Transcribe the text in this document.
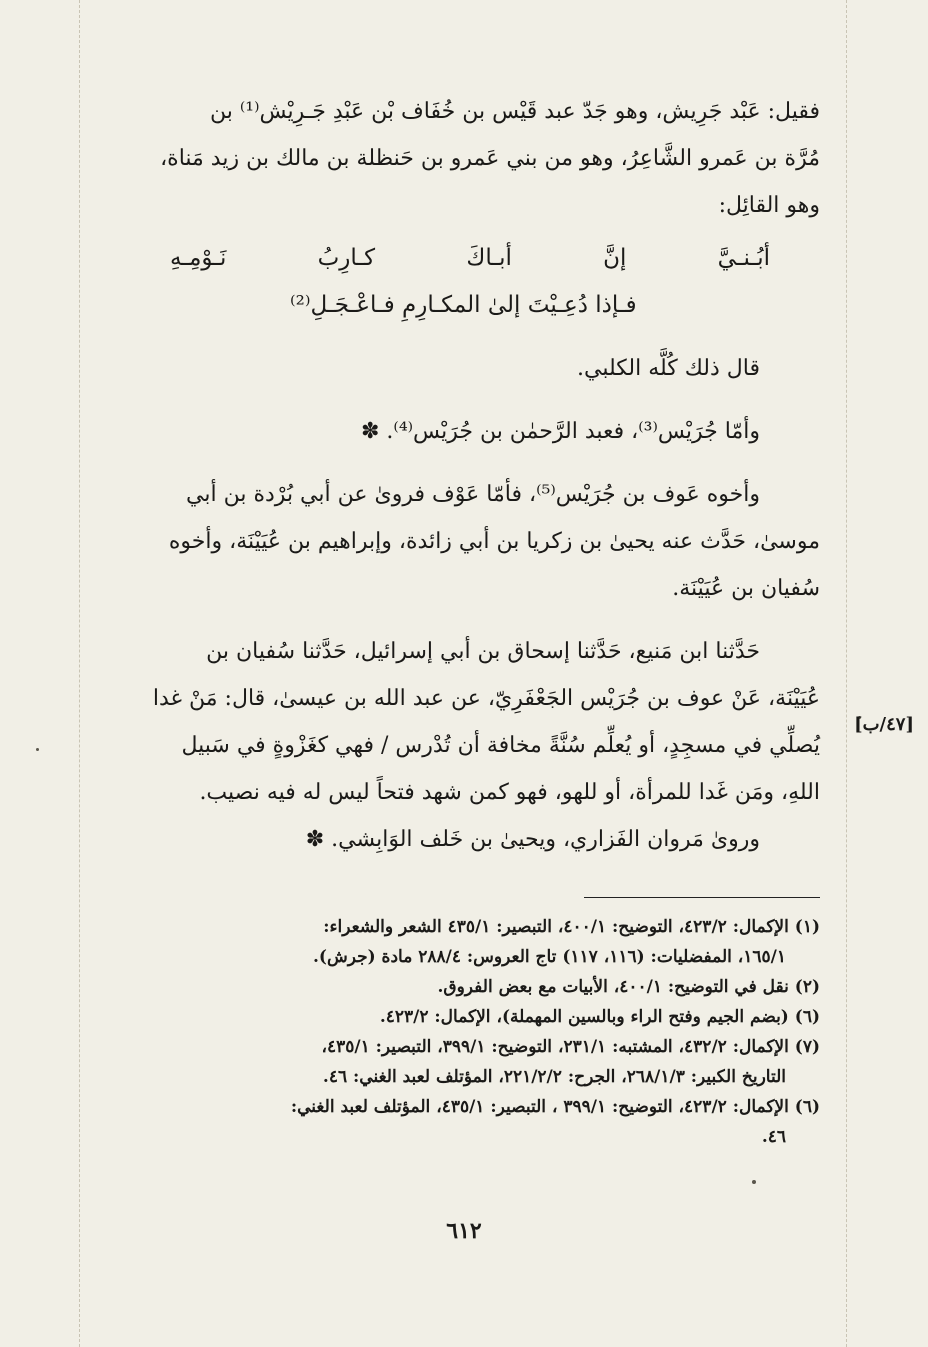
فقيل: عَبْد جَرِيش، وهو جَدّ عبد قَيْس بن خُفَاف بْن عَبْدِ جَـرِيْش⁽¹⁾ بن

مُرَّة بن عَمرو الشَّاعِرُ، وهو من بني عَمرو بن حَنظلة بن مالك بن زيد مَناة،

وهو القائِل:

أبُـنـيَّ
إنَّ
أبـاكَ
كـارِبُ
نَـوْمِـهِ

فـإذا دُعِـيْتَ إلىٰ المكـارِمِ فـاعْـجَـلِ⁽²⁾

قال ذلك كُلَّه الكلبي.

وأمّا جُرَيْس⁽³⁾، فعبد الرَّحمٰن بن جُرَيْس⁽⁴⁾. ✽

وأخوه عَوف بن جُرَيْس⁽⁵⁾، فأمّا عَوْف فروىٰ عن أبي بُرْدة بن أبي

موسىٰ، حَدَّث عنه يحيىٰ بن زكريا بن أبي زائدة، وإبراهيم بن عُيَيْنَة، وأخوه

سُفيان بن عُيَيْنَة.

حَدَّثنا ابن مَنيع، حَدَّثنا إسحاق بن أبي إسرائيل، حَدَّثنا سُفيان بن

عُيَيْنَة، عَنْ عوف بن جُرَيْس الجَعْفَرِيّ، عن عبد الله بن عيسىٰ، قال: مَنْ غدا

يُصلِّي في مسجِدٍ، أو يُعلِّم سُنَّةً مخافة أن تُدْرس / فهي كغَزْوةٍ في سَبيل

اللهِ، ومَن غَدا للمرأة، أو للهو، فهو كمن شهد فتحاً ليس له فيه نصيب.

وروىٰ مَروان الفَزاري، ويحيىٰ بن خَلف الوَابِشي. ✽

[٤٧/ب]

(١) الإكمال: ٤٢٣/٢، التوضيح: ٤٠٠/١، التبصير: ٤٣٥/١ الشعر والشعراء:

١٦٥/١، المفضليات: (١١٦، ١١٧) تاج العروس: ٢٨٨/٤ مادة (جرش).

(٢) نقل في التوضيح: ٤٠٠/١، الأبيات مع بعض الفروق.

(٦) (بضم الجيم وفتح الراء وبالسين المهملة)، الإكمال: ٤٢٣/٢.

(٧) الإكمال: ٤٣٢/٢، المشتبه: ٢٣١/١، التوضيح: ٣٩٩/١، التبصير: ٤٣٥/١،

التاريخ الكبير: ٢٦٨/١/٣، الجرح: ٢٢١/٢/٢، المؤتلف لعبد الغني: ٤٦.

(٦) الإكمال: ٤٢٣/٢، التوضيح: ٣٩٩/١ ، التبصير: ٤٣٥/١، المؤتلف لعبد الغني:

٤٦.

٦١٢
